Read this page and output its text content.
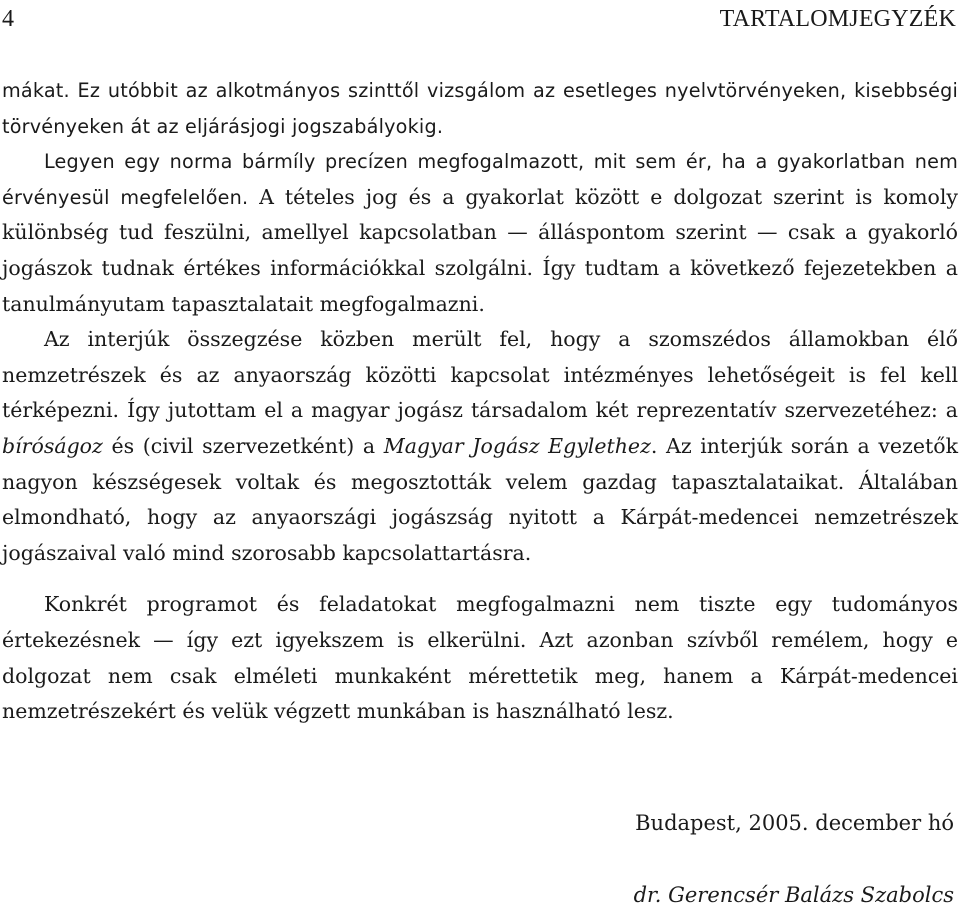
4	TARTALOMJEGYZÉK

mákat. Ez utóbbit az alkotmányos szinttől vizsgálom az esetleges nyelvtörvényeken, kisebbségi törvényeken át az eljárásjogi jogszabályokig.

Legyen egy norma bármíly precízen megfogalmazott, mit sem ér, ha a gyakorlatban nem érvényesül megfelelően. A tételes jog és a gyakorlat között e dolgozat szerint is komoly különbség tud feszülni, amellyel kapcsolatban — álláspontom szerint — csak a gyakorló jogászok tudnak értékes információkkal szolgálni. Így tudtam a következő fejezetekben a tanulmányutam tapasztalatait megfogalmazni.

Az interjúk összegzése közben merült fel, hogy a szomszédos államokban élő nemzetrészek és az anyaország közötti kapcsolat intézményes lehetőségeit is fel kell térképezni. Így jutottam el a magyar jogász társadalom két reprezentatív szervezetéhez: a bíróságoz és (civil szervezetként) a Magyar Jogász Egylethez. Az interjúk során a vezetők nagyon készségesek voltak és megosztották velem gazdag tapasztalataikat. Általában elmondható, hogy az anyaországi jogászság nyitott a Kárpát-medencei nemzetrészek jogászaival való mind szorosabb kapcsolattartásra.

Konkrét programot és feladatokat megfogalmazni nem tiszte egy tudományos értekezésnek — így ezt igyekszem is elkerülni. Azt azonban szívből remélem, hogy e dolgozat nem csak elméleti munkaként mérettetik meg, hanem a Kárpát-medencei nemzetrészekért és velük végzett munkában is használható lesz.

Budapest, 2005. december hó
dr. Gerencsér Balázs Szabolcs
